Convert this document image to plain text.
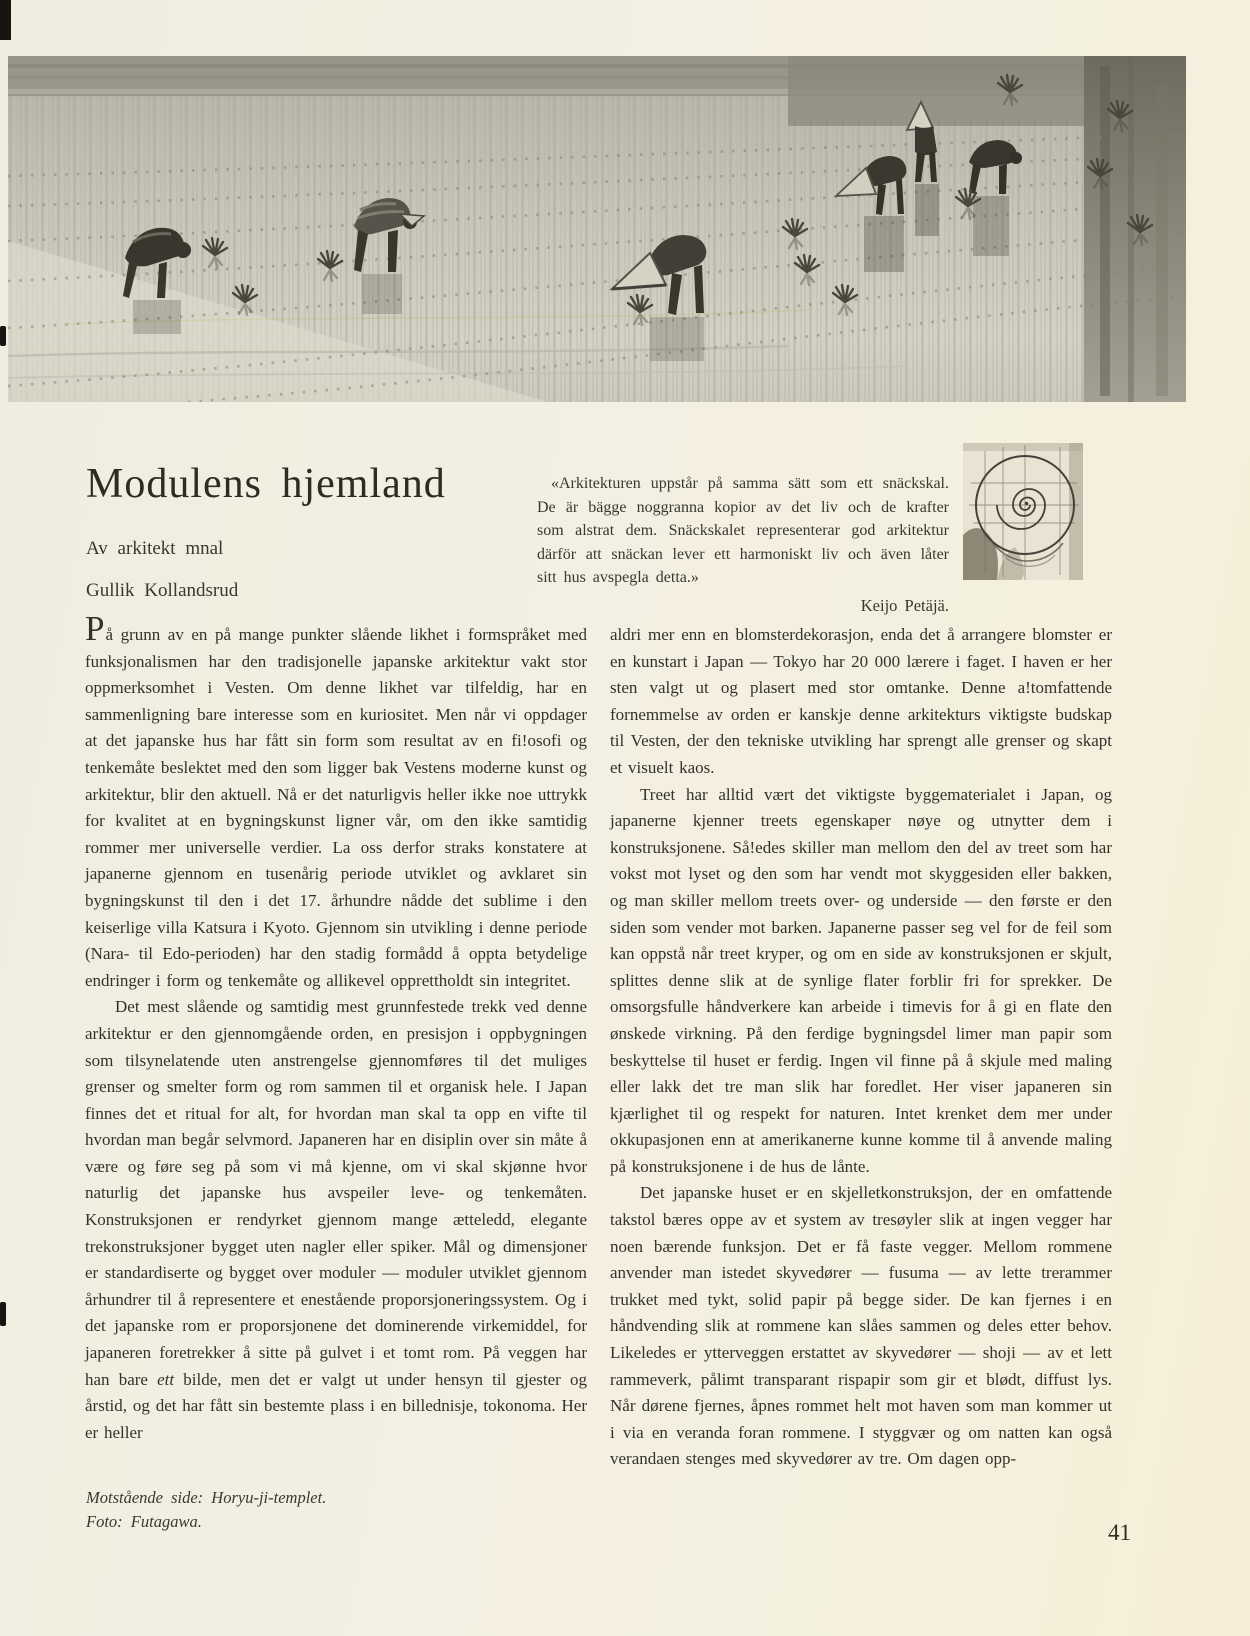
Modulens hjemland
Av arkitekt mnal
Gullik Kollandsrud
«Arkitekturen uppstår på samma sätt som ett snäckskal. De är bägge noggranna kopior av det liv och de krafter som alstrat dem. Snäckskalet representerar god arkitektur därför att snäckan lever ett harmoniskt liv och även låter sitt hus avspegla detta.»
Keijo Petäjä.
På grunn av en på mange punkter slående likhet i formspråket med funksjonalismen har den tradisjonelle japanske arkitektur vakt stor oppmerksomhet i Vesten. Om denne likhet var tilfeldig, har en sammenligning bare interesse som en kuriositet. Men når vi oppdager at det japanske hus har fått sin form som resultat av en fi!osofi og tenkemåte beslektet med den som ligger bak Vestens moderne kunst og arkitektur, blir den aktuell. Nå er det naturligvis heller ikke noe uttrykk for kvalitet at en bygningskunst ligner vår, om den ikke samtidig rommer mer universelle verdier. La oss derfor straks konstatere at japanerne gjennom en tusenårig periode utviklet og avklaret sin bygningskunst til den i det 17. århundre nådde det sublime i den keiserlige villa Katsura i Kyoto. Gjennom sin utvikling i denne periode (Nara- til Edo-perioden) har den stadig formådd å oppta betydelige endringer i form og tenkemåte og allikevel opprettholdt sin integritet.
Det mest slående og samtidig mest grunnfestede trekk ved denne arkitektur er den gjennomgående orden, en presisjon i oppbygningen som tilsynelatende uten anstrengelse gjennomføres til det muliges grenser og smelter form og rom sammen til et organisk hele. I Japan finnes det et ritual for alt, for hvordan man skal ta opp en vifte til hvordan man begår selvmord. Japaneren har en disiplin over sin måte å være og føre seg på som vi må kjenne, om vi skal skjønne hvor naturlig det japanske hus avspeiler leve- og tenkemåten. Konstruksjonen er rendyrket gjennom mange ætteledd, elegante trekonstruksjoner bygget uten nagler eller spiker. Mål og dimensjoner er standardiserte og bygget over moduler — moduler utviklet gjennom århundrer til å representere et enestående proporsjoneringssystem. Og i det japanske rom er proporsjonene det dominerende virkemiddel, for japaneren foretrekker å sitte på gulvet i et tomt rom. På veggen har han bare ett bilde, men det er valgt ut under hensyn til gjester og årstid, og det har fått sin bestemte plass i en billednisje, tokonoma. Her er heller
aldri mer enn en blomsterdekorasjon, enda det å arrangere blomster er en kunstart i Japan — Tokyo har 20 000 lærere i faget. I haven er her sten valgt ut og plasert med stor omtanke. Denne a!tomfattende fornemmelse av orden er kanskje denne arkitekturs viktigste budskap til Vesten, der den tekniske utvikling har sprengt alle grenser og skapt et visuelt kaos.
Treet har alltid vært det viktigste byggematerialet i Japan, og japanerne kjenner treets egenskaper nøye og utnytter dem i konstruksjonene. Så!edes skiller man mellom den del av treet som har vokst mot lyset og den som har vendt mot skyggesiden eller bakken, og man skiller mellom treets over- og underside — den første er den siden som vender mot barken. Japanerne passer seg vel for de feil som kan oppstå når treet kryper, og om en side av konstruksjonen er skjult, splittes denne slik at de synlige flater forblir fri for sprekker. De omsorgsfulle håndverkere kan arbeide i timevis for å gi en flate den ønskede virkning. På den ferdige bygningsdel limer man papir som beskyttelse til huset er ferdig. Ingen vil finne på å skjule med maling eller lakk det tre man slik har foredlet. Her viser japaneren sin kjærlighet til og respekt for naturen. Intet krenket dem mer under okkupasjonen enn at amerikanerne kunne komme til å anvende maling på konstruksjonene i de hus de lånte.
Det japanske huset er en skjelletkonstruksjon, der en omfattende takstol bæres oppe av et system av tresøyler slik at ingen vegger har noen bærende funksjon. Det er få faste vegger. Mellom rommene anvender man istedet skyvedører — fusuma — av lette trerammer trukket med tykt, solid papir på begge sider. De kan fjernes i en håndvending slik at rommene kan slåes sammen og deles etter behov. Likeledes er ytterveggen erstattet av skyvedører — shoji — av et lett rammeverk, pålimt transparant rispapir som gir et blødt, diffust lys. Når dørene fjernes, åpnes rommet helt mot haven som man kommer ut i via en veranda foran rommene. I styggvær og om natten kan også verandaen stenges med skyvedører av tre. Om dagen opp-
Motstående side: Horyu-ji-templet.
Foto: Futagawa.	41
